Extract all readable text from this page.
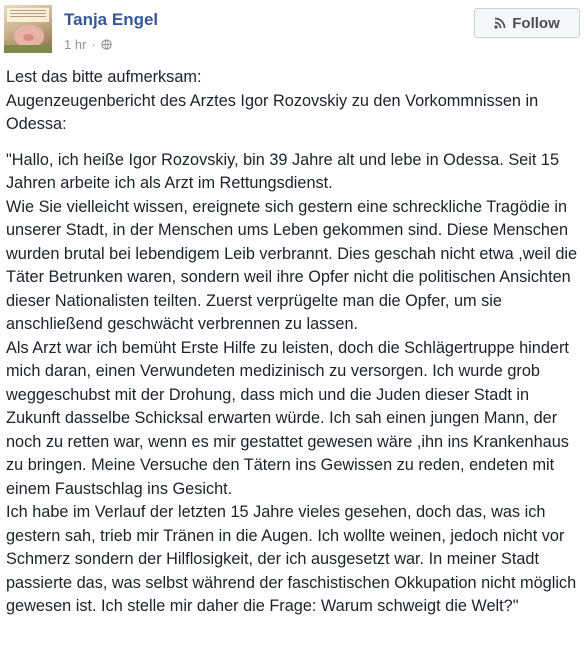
Tanja Engel
1 hr ·
Follow

Lest das bitte aufmerksam:
Augenzeugenbericht des Arztes Igor Rozovskiy zu den Vorkommnissen in Odessa:

"Hallo, ich heiße Igor Rozovskiy, bin 39 Jahre alt und lebe in Odessa. Seit 15 Jahren arbeite ich als Arzt im Rettungsdienst.
Wie Sie vielleicht wissen, ereignete sich gestern eine schreckliche Tragödie in unserer Stadt, in der Menschen ums Leben gekommen sind. Diese Menschen wurden brutal bei lebendigem Leib verbrannt. Dies geschah nicht etwa ,weil die Täter Betrunken waren, sondern weil ihre Opfer nicht die politischen Ansichten dieser Nationalisten teilten. Zuerst verprügelte man die Opfer, um sie anschließend geschwächt verbrennen zu lassen.
Als Arzt war ich bemüht Erste Hilfe zu leisten, doch die Schlägertruppe hindert mich daran, einen Verwundeten medizinisch zu versorgen. Ich wurde grob weggeschubst mit der Drohung, dass mich und die Juden dieser Stadt in Zukunft dasselbe Schicksal erwarten würde. Ich sah einen jungen Mann, der noch zu retten war, wenn es mir gestattet gewesen wäre ,ihn ins Krankenhaus zu bringen. Meine Versuche den Tätern ins Gewissen zu reden, endeten mit einem Faustschlag ins Gesicht.
Ich habe im Verlauf der letzten 15 Jahre vieles gesehen, doch das, was ich gestern sah, trieb mir Tränen in die Augen. Ich wollte weinen, jedoch nicht vor Schmerz sondern der Hilflosigkeit, der ich ausgesetzt war. In meiner Stadt passierte das, was selbst während der faschistischen Okkupation nicht möglich gewesen ist. Ich stelle mir daher die Frage: Warum schweigt die Welt?"
